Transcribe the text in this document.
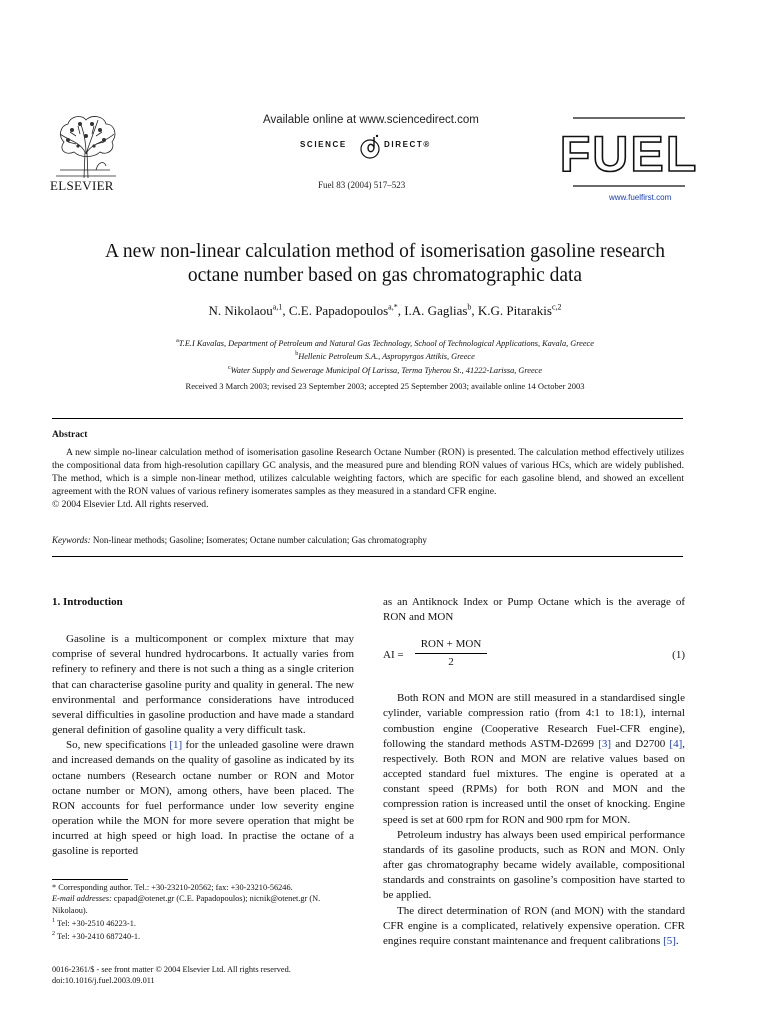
ELSEVIER
Available online at www.sciencedirect.com
SCIENCE	DIRECT®
Fuel 83 (2004) 517–523
FUEL
www.fuelfirst.com
A new non-linear calculation method of isomerisation gasoline research
octane number based on gas chromatographic data
N. Nikolaou$^{a,1}$, C.E. Papadopoulos$^{a,*}$, I.A. Gaglias$^b$, K.G. Pitarakis$^{c,2}$
$^a$T.E.I Kavalas, Department of Petroleum and Natural Gas Technology, School of Technological Applications, Kavala, Greece
$^b$Hellenic Petroleum S.A., Aspropyrgos Attikis, Greece
$^c$Water Supply and Sewerage Municipal Of Larissa, Terma Tyherou St., 41222-Larissa, Greece
Received 3 March 2003; revised 23 September 2003; accepted 25 September 2003; available online 14 October 2003
Abstract

A new simple no-linear calculation method of isomerisation gasoline Research Octane Number (RON) is presented. The calculation method effectively utilizes the compositional data from high-resolution capillary GC analysis, and the measured pure and blending RON values of various HCs, which are widely published. The method, which is a simple non-linear method, utilizes calculable weighting factors, which are specific for each gasoline blend, and showed an excellent agreement with the RON values of various refinery isomerates samples as they measured in a standard CFR engine.

© 2004 Elsevier Ltd. All rights reserved.

Keywords: Non-linear methods; Gasoline; Isomerates; Octane number calculation; Gas chromatography

1. Introduction

Gasoline is a multicomponent or complex mixture that may comprise of several hundred hydrocarbons. It actually varies from refinery to refinery and there is not such a thing as a single criterion that can characterise gasoline purity and quality in general. The new environmental and performance considerations have introduced several difficulties in gasoline production and have made a standard general definition of gasoline quality a very difficult task.

So, new specifications [1] for the unleaded gasoline were drawn and increased demands on the quality of gasoline as indicated by its octane numbers (Research octane number or RON and Motor octane number or MON), among others, have been placed. The RON accounts for fuel performance under low severity engine operation while the MON for more severe operation that might be incurred at high speed or high load. In practise the octane of a gasoline is reported

as an Antiknock Index or Pump Octane which is the average of RON and MON

AI =
RON + MON
2
(1)

Both RON and MON are still measured in a standardised single cylinder, variable compression ratio (from 4:1 to 18:1), internal combustion engine (Cooperative Research Fuel-CFR engine), following the standard methods ASTM-D2699 [3] and D2700 [4], respectively. Both RON and MON are relative values based on accepted standard fuel mixtures. The engine is operated at a constant speed (RPMs) for both RON and MON and the compression ration is increased until the onset of knocking. Engine speed is set at 600 rpm for RON and 900 rpm for MON.

Petroleum industry has always been used empirical performance standards of its gasoline products, such as RON and MON. Only after gas chromatography became widely available, compositional standards and constraints on gasoline’s composition have started to be applied.

The direct determination of RON (and MON) with the standard CFR engine is a complicated, relatively expensive operation. CFR engines require constant maintenance and frequent calibrations [5].

* Corresponding author. Tel.: +30-23210-20562; fax: +30-23210-56246.

E-mail addresses: cpapad@otenet.gr (C.E. Papadopoulos); nicnik@otenet.gr (N. Nikolaou).

$^1$ Tel: +30-2510 46223-1.

$^2$ Tel: +30-2410 687240-1.

0016-2361/$ - see front matter © 2004 Elsevier Ltd. All rights reserved.

doi:10.1016/j.fuel.2003.09.011
